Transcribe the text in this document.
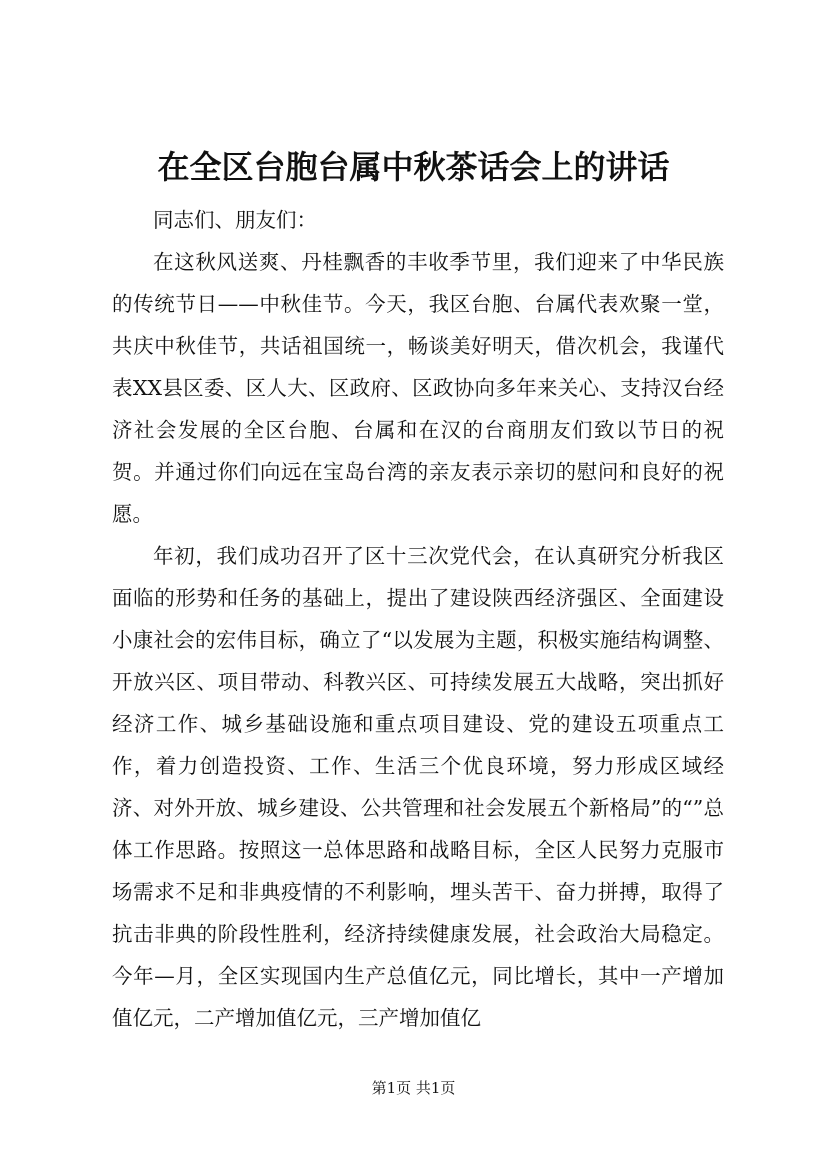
在全区台胞台属中秋茶话会上的讲话

同志们、朋友们：

在这秋风送爽、丹桂飘香的丰收季节里，我们迎来了中华民族的传统节日——中秋佳节。今天，我区台胞、台属代表欢聚一堂，共庆中秋佳节，共话祖国统一，畅谈美好明天，借次机会，我谨代表XX县区委、区人大、区政府、区政协向多年来关心、支持汉台经济社会发展的全区台胞、台属和在汉的台商朋友们致以节日的祝贺。并通过你们向远在宝岛台湾的亲友表示亲切的慰问和良好的祝愿。

年初，我们成功召开了区十三次党代会，在认真研究分析我区面临的形势和任务的基础上，提出了建设陕西经济强区、全面建设小康社会的宏伟目标，确立了“以发展为主题，积极实施结构调整、开放兴区、项目带动、科教兴区、可持续发展五大战略，突出抓好经济工作、城乡基础设施和重点项目建设、党的建设五项重点工作，着力创造投资、工作、生活三个优良环境，努力形成区域经济、对外开放、城乡建设、公共管理和社会发展五个新格局”的“”总体工作思路。按照这一总体思路和战略目标，全区人民努力克服市场需求不足和非典疫情的不利影响，埋头苦干、奋力拼搏，取得了抗击非典的阶段性胜利，经济持续健康发展，社会政治大局稳定。今年—月，全区实现国内生产总值亿元，同比增长，其中一产增加值亿元，二产增加值亿元，三产增加值亿

第1页 共1页
